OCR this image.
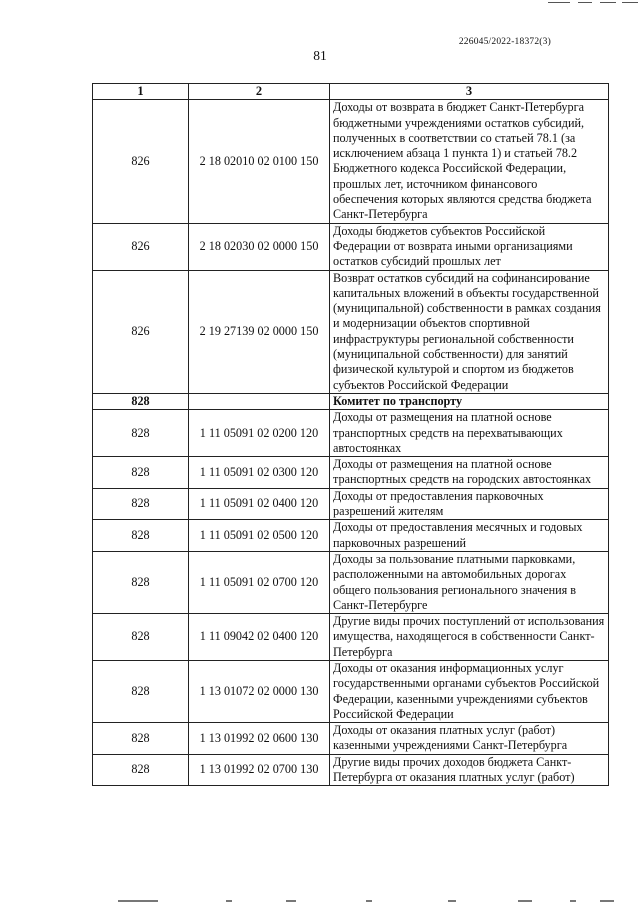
226045/2022-18372(3)
81
1	2	3
826	2 18 02010 02 0100 150	Доходы от возврата в бюджет Санкт-Петербурга бюджетными учреждениями остатков субсидий, полученных в соответствии со статьей 78.1 (за исключением абзаца 1 пункта 1) и статьей 78.2 Бюджетного кодекса Российской Федерации, прошлых лет, источником финансового обеспечения которых являются средства бюджета Санкт-Петербурга
826	2 18 02030 02 0000 150	Доходы бюджетов субъектов Российской Федерации от возврата иными организациями остатков субсидий прошлых лет
826	2 19 27139 02 0000 150	Возврат остатков субсидий на софинансирование капитальных вложений в объекты государственной (муниципальной) собственности в рамках создания и модернизации объектов спортивной инфраструктуры региональной собственности (муниципальной собственности) для занятий физической культурой и спортом из бюджетов субъектов Российской Федерации
828		Комитет по транспорту
828	1 11 05091 02 0200 120	Доходы от размещения на платной основе транспортных средств на перехватывающих автостоянках
828	1 11 05091 02 0300 120	Доходы от размещения на платной основе транспортных средств на городских автостоянках
828	1 11 05091 02 0400 120	Доходы от предоставления парковочных разрешений жителям
828	1 11 05091 02 0500 120	Доходы от предоставления месячных и годовых парковочных разрешений
828	1 11 05091 02 0700 120	Доходы за пользование платными парковками, расположенными на автомобильных дорогах общего пользования регионального значения в Санкт-Петербурге
828	1 11 09042 02 0400 120	Другие виды прочих поступлений от использования имущества, находящегося в собственности Санкт-Петербурга
828	1 13 01072 02 0000 130	Доходы от оказания информационных услуг государственными органами субъектов Российской Федерации, казенными учреждениями субъектов Российской Федерации
828	1 13 01992 02 0600 130	Доходы от оказания платных услуг (работ) казенными учреждениями Санкт-Петербурга
828	1 13 01992 02 0700 130	Другие виды прочих доходов бюджета Санкт-Петербурга от оказания платных услуг (работ)
